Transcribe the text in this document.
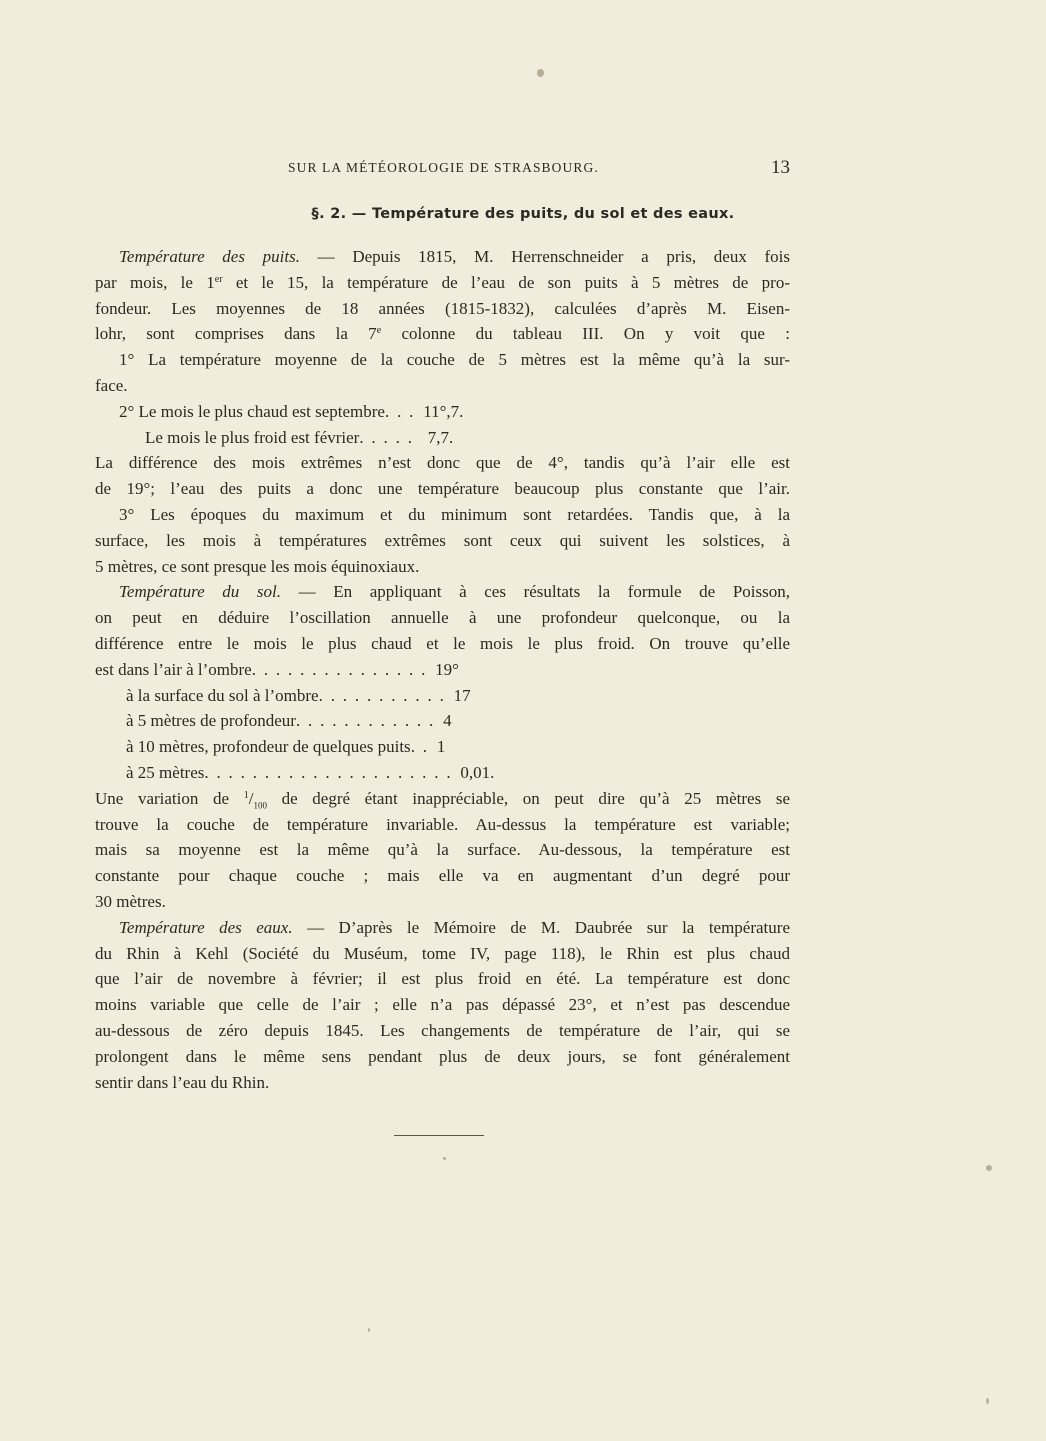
SUR LA MÉTÉOROLOGIE DE STRASBOURG.	13
§. 2. — Température des puits, du sol et des eaux.
Température des puits. — Depuis 1815, M. Herrenschneider a pris, deux fois
par mois, le 1er et le 15, la température de l’eau de son puits à 5 mètres de pro-
fondeur. Les moyennes de 18 années (1815-1832), calculées d’après M. Eisen-
lohr, sont comprises dans la 7e colonne du tableau III. On y voit que :
1° La température moyenne de la couche de 5 mètres est la même qu’à la sur-
face.
2° Le mois le plus chaud est septembre . . . 11°,7.
Le mois le plus froid est février . . . . . 7,7.
La différence des mois extrêmes n’est donc que de 4°, tandis qu’à l’air elle est
de 19°; l’eau des puits a donc une température beaucoup plus constante que l’air.
3° Les époques du maximum et du minimum sont retardées. Tandis que, à la
surface, les mois à températures extrêmes sont ceux qui suivent les solstices, à
5 mètres, ce sont presque les mois équinoxiaux.
Température du sol. — En appliquant à ces résultats la formule de Poisson,
on peut en déduire l’oscillation annuelle à une profondeur quelconque, ou la
différence entre le mois le plus chaud et le mois le plus froid. On trouve qu’elle
est dans l’air à l’ombre . . . . . . . . . . . . . . . 19°
à la surface du sol à l’ombre . . . . . . . . . . . 17
à 5 mètres de profondeur . . . . . . . . . . . . 4
à 10 mètres, profondeur de quelques puits . . 1
à 25 mètres . . . . . . . . . . . . . . . . . . . . . 0,01.
Une variation de $^1/_{100}$ de degré étant inappréciable, on peut dire qu’à 25 mètres se
trouve la couche de température invariable. Au-dessus la température est variable;
mais sa moyenne est la même qu’à la surface. Au-dessous, la température est
constante pour chaque couche ; mais elle va en augmentant d’un degré pour
30 mètres.
Température des eaux. — D’après le Mémoire de M. Daubrée sur la température
du Rhin à Kehl (Société du Muséum, tome IV, page 118), le Rhin est plus chaud
que l’air de novembre à février; il est plus froid en été. La température est donc
moins variable que celle de l’air ; elle n’a pas dépassé 23°, et n’est pas descendue
au-dessous de zéro depuis 1845. Les changements de température de l’air, qui se
prolongent dans le même sens pendant plus de deux jours, se font généralement
sentir dans l’eau du Rhin.
